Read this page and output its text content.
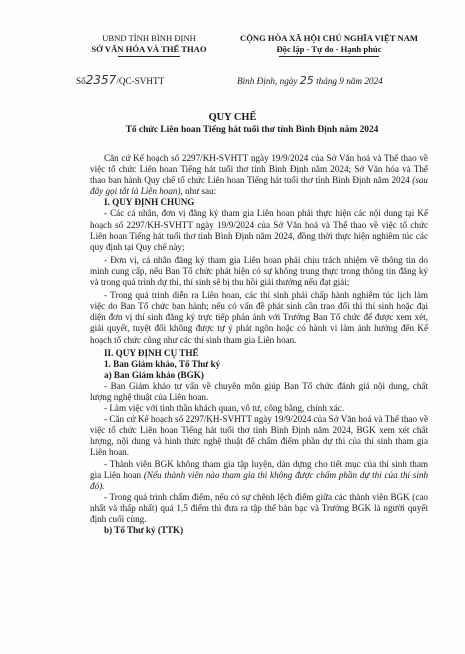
UBND TỈNH BÌNH ĐỊNH
SỞ VĂN HÓA VÀ THỂ THAO
CỘNG HÒA XÃ HỘI CHỦ NGHĨA VIỆT NAM
Độc lập - Tự do - Hạnh phúc
Số2357/QC-SVHTT	Bình Định, ngày 25 tháng 9 năm 2024
QUY CHẾ
Tổ chức Liên hoan Tiếng hát tuổi thơ tỉnh Bình Định năm 2024

Căn cứ Kế hoạch số 2297/KH-SVHTT ngày 19/9/2024 của Sở Văn hoá và Thể thao về việc tổ chức Liên hoan Tiếng hát tuổi thơ tỉnh Bình Định năm 2024; Sở Văn hóa và Thể thao ban hành Quy chế tổ chức Liên hoan Tiếng hát tuổi thơ tỉnh Bình Định năm 2024 (sau đây gọi tắt là Liên hoan), như sau:

I. QUY ĐỊNH CHUNG

- Các cá nhân, đơn vị đăng ký tham gia Liên hoan phải thực hiện các nội dung tại Kế hoạch số 2297/KH-SVHTT ngày 19/9/2024 của Sở Văn hoá và Thể thao về việc tổ chức Liên hoan Tiếng hát tuổi thơ tỉnh Bình Định năm 2024, đồng thời thực hiện nghiêm túc các quy định tại Quy chế này;

- Đơn vị, cá nhân đăng ký tham gia Liên hoan phải chịu trách nhiệm về thông tin do mình cung cấp, nếu Ban Tổ chức phát hiện có sự không trung thực trong thông tin đăng ký và trong quá trình dự thi, thí sinh sẽ bị thu hồi giải thưởng nếu đạt giải;

- Trong quá trình diễn ra Liên hoan, các thí sinh phải chấp hành nghiêm túc lịch làm việc do Ban Tổ chức ban hành; nếu có vấn đề phát sinh cần trao đổi thì thí sinh hoặc đại diện đơn vị thí sinh đăng ký trực tiếp phản ánh với Trưởng Ban Tổ chức để được xem xét, giải quyết, tuyệt đối không được tự ý phát ngôn hoặc có hành vi làm ảnh hưởng đến Kế hoạch tổ chức cũng như các thí sinh tham gia Liên hoan.

II. QUY ĐỊNH CỤ THỂ

1. Ban Giám khảo, Tổ Thư ký

a) Ban Giám khảo (BGK)

- Ban Giám khảo tư vấn về chuyên môn giúp Ban Tổ chức đánh giá nội dung, chất lượng nghệ thuật của Liên hoan.

- Làm việc với tinh thần khách quan, vô tư, công bằng, chính xác.

- Căn cứ Kế hoạch số 2297/KH-SVHTT ngày 19/9/2024 của Sở Văn hoá và Thể thao về việc tổ chức Liên hoan Tiếng hát tuổi thơ tỉnh Bình Định năm 2024, BGK xem xét chất lượng, nội dung và hình thức nghệ thuật để chấm điểm phần dự thi của thí sinh tham gia Liên hoan.

- Thành viên BGK không tham gia tập luyện, dàn dựng cho tiết mục của thí sinh tham gia Liên hoan (Nếu thành viên nào tham gia thì không được chấm phần dự thi của thí sinh đó).

- Trong quá trình chấm điểm, nếu có sự chênh lệch điểm giữa các thành viên BGK (cao nhất và thấp nhất) quá 1,5 điểm thì đưa ra tập thể bàn bạc và Trưởng BGK là người quyết định cuối cùng.

b) Tổ Thư ký (TTK)
